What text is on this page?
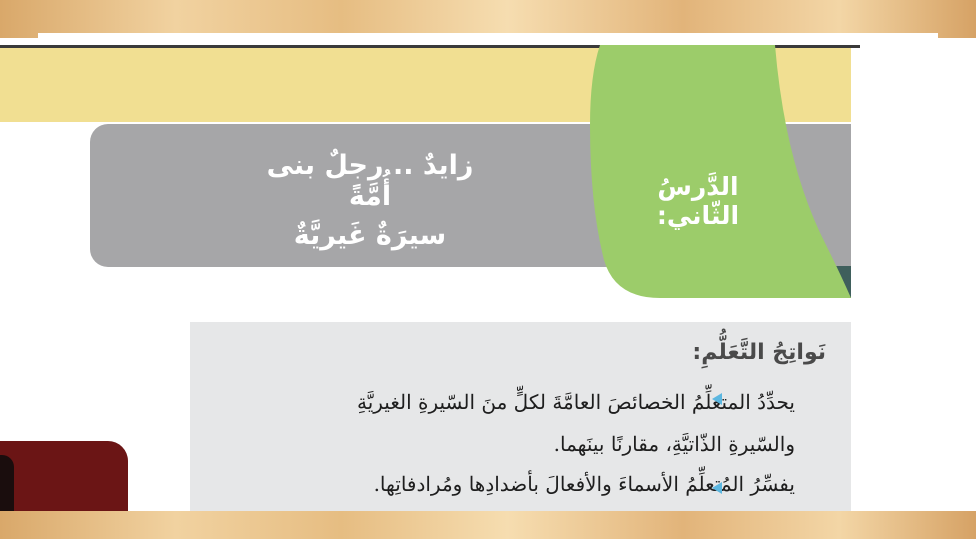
الدَّرسُ الثّاني:
زايدٌ .. رجلٌ بنى أُمَّةً
سيرَةٌ غَيريَّةٌ
نَواتِجُ التَّعَلُّمِ:
يحدِّدُ المتعلِّمُ الخصائصَ العامَّةَ لكلٍّ منَ السّيرةِ الغيريَّةِ
والسّيرةِ الذّاتيَّةِ، مقارنًا بينَهما.
يفسِّرُ المُتعلِّمُ الأسماءَ والأفعالَ بأضدادِها ومُرادفاتِها.
